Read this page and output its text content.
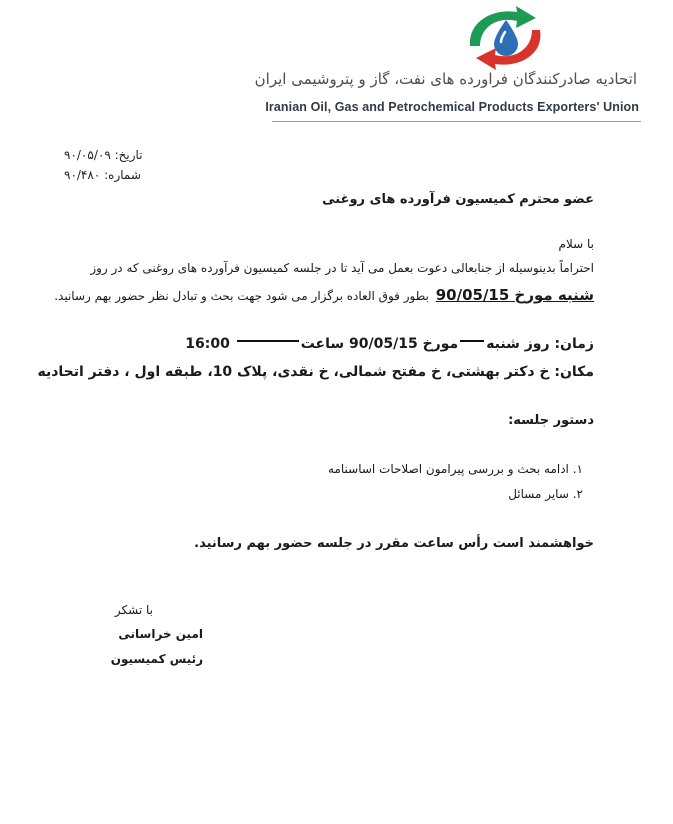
اتحادیه صادرکنندگان فراورده های نفت، گاز و پتروشیمی ایران
Iranian Oil, Gas and Petrochemical Products Exporters' Union
تاریخ: ۹۰/۰۵/۰۹
شماره: ۹۰/۴۸۰
عضو محترم کمیسیون فرآورده های روغنی
با سلام
احتراماً بدینوسیله از جنابعالی دعوت بعمل می آید تا در جلسه کمیسیون فرآورده های روغنی که در روز
شنبه مورخ 90/05/15 بطور فوق العاده برگزار می شود جهت بحث و تبادل نظر حضور بهم رسانید.
زمان: روز شنبهمورخ 90/05/15 ساعت 16:00
مکان: خ دکتر بهشتی، خ مفتح شمالی، خ نقدی، پلاک 10، طبقه اول ، دفتر اتحادیه
دستور جلسه:
۱. ادامه بحث و بررسی پیرامون اصلاحات اساسنامه
۲. سایر مسائل
خواهشمند است رأس ساعت مقرر در جلسه حضور بهم رسانید.
با تشکر
امین خراسانی
رئیس کمیسیون
